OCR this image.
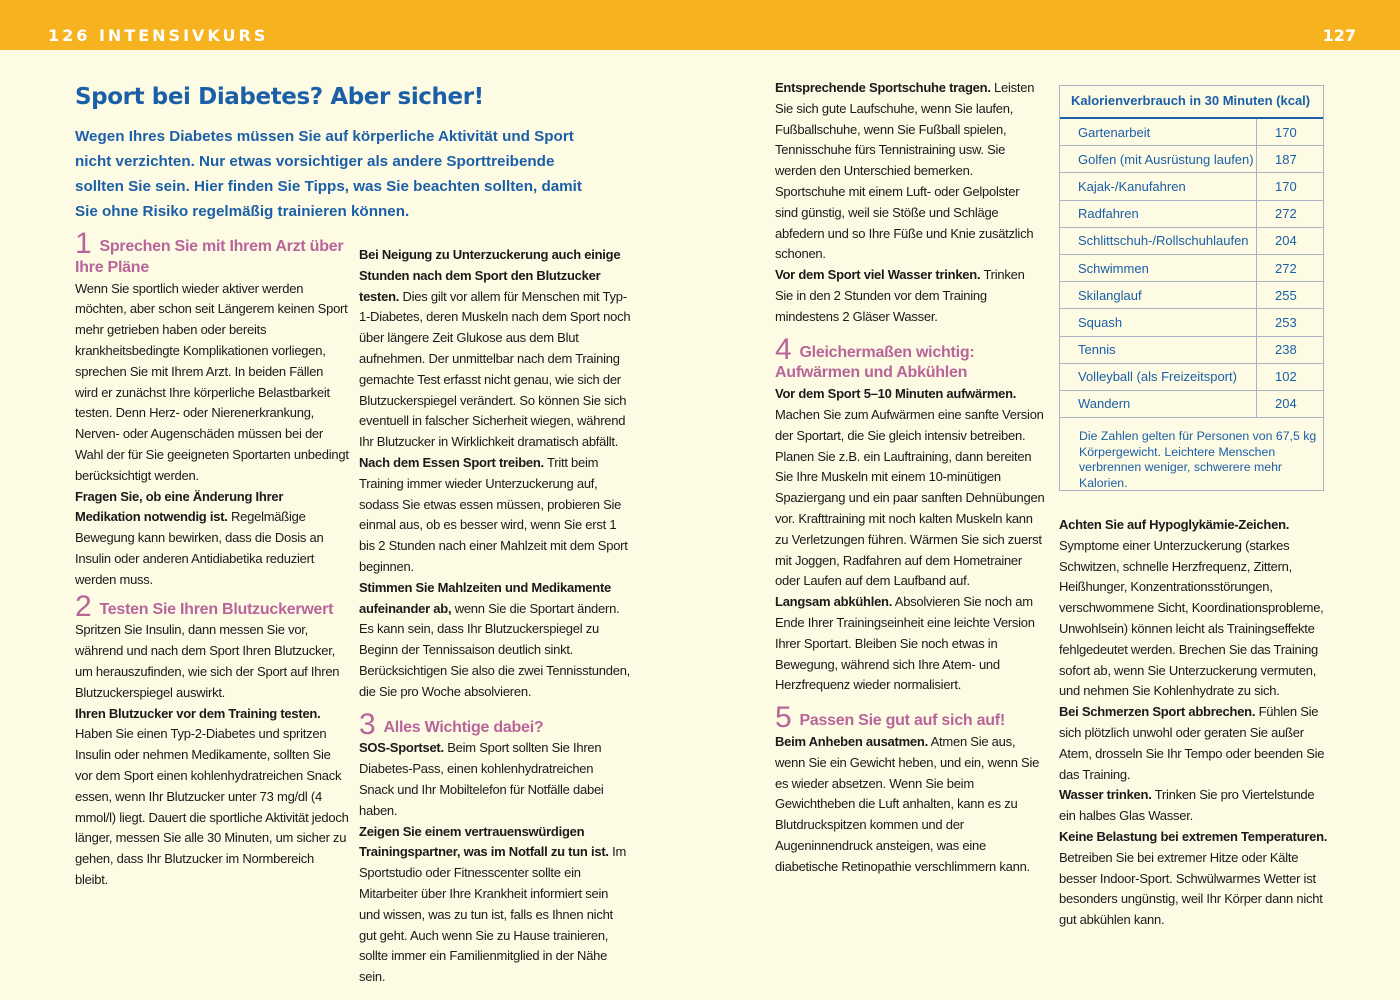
126 INTENSIVKURS	127
Sport bei Diabetes? Aber sicher!

Wegen Ihres Diabetes müssen Sie auf körperliche Aktivität und Sport nicht verzichten. Nur etwas vorsichtiger als andere Sporttreibende sollten Sie sein. Hier finden Sie Tipps, was Sie beachten sollten, damit Sie ohne Risiko regelmäßig trainieren können.

1 Sprechen Sie mit Ihrem Arzt über Ihre Pläne

Wenn Sie sportlich wieder aktiver werden möchten, aber schon seit Längerem keinen Sport mehr getrieben haben oder bereits krankheitsbedingte Komplikationen vorliegen, sprechen Sie mit Ihrem Arzt. In beiden Fällen wird er zunächst Ihre körperliche Belastbarkeit testen. Denn Herz- oder Nierenerkrankung, Nerven- oder Augenschäden müssen bei der Wahl der für Sie geeigneten Sportarten unbedingt berücksichtigt werden.

Fragen Sie, ob eine Änderung Ihrer Medikation notwendig ist. Regelmäßige Bewegung kann bewirken, dass die Dosis an Insulin oder anderen Antidiabetika reduziert werden muss.

2 Testen Sie Ihren Blutzuckerwert

Spritzen Sie Insulin, dann messen Sie vor, während und nach dem Sport Ihren Blutzucker, um herauszufinden, wie sich der Sport auf Ihren Blutzuckerspiegel auswirkt.

Ihren Blutzucker vor dem Training testen. Haben Sie einen Typ-2-Diabetes und spritzen Insulin oder nehmen Medikamente, sollten Sie vor dem Sport einen kohlenhydratreichen Snack essen, wenn Ihr Blutzucker unter 73 mg/dl (4 mmol/l) liegt. Dauert die sportliche Aktivität jedoch länger, messen Sie alle 30 Minuten, um sicher zu gehen, dass Ihr Blutzucker im Normbereich bleibt.

Bei Neigung zu Unterzuckerung auch einige Stunden nach dem Sport den Blutzucker testen. Dies gilt vor allem für Menschen mit Typ-1-Diabetes, deren Muskeln nach dem Sport noch über längere Zeit Glukose aus dem Blut aufnehmen. Der unmittelbar nach dem Training gemachte Test erfasst nicht genau, wie sich der Blutzuckerspiegel verändert. So können Sie sich eventuell in falscher Sicherheit wiegen, während Ihr Blutzucker in Wirklichkeit dramatisch abfällt.

Nach dem Essen Sport treiben. Tritt beim Training immer wieder Unterzuckerung auf, sodass Sie etwas essen müssen, probieren Sie einmal aus, ob es besser wird, wenn Sie erst 1 bis 2 Stunden nach einer Mahlzeit mit dem Sport beginnen.

Stimmen Sie Mahlzeiten und Medikamente aufeinander ab, wenn Sie die Sportart ändern. Es kann sein, dass Ihr Blutzuckerspiegel zu Beginn der Tennissaison deutlich sinkt. Berücksichtigen Sie also die zwei Tennisstunden, die Sie pro Woche absolvieren.

3 Alles Wichtige dabei?

SOS-Sportset. Beim Sport sollten Sie Ihren Diabetes-Pass, einen kohlenhydratreichen Snack und Ihr Mobiltelefon für Notfälle dabei haben.

Zeigen Sie einem vertrauenswürdigen Trainingspartner, was im Notfall zu tun ist. Im Sportstudio oder Fitnesscenter sollte ein Mitarbeiter über Ihre Krankheit informiert sein und wissen, was zu tun ist, falls es Ihnen nicht gut geht. Auch wenn Sie zu Hause trainieren, sollte immer ein Familienmitglied in der Nähe sein.

Entsprechende Sportschuhe tragen. Leisten Sie sich gute Laufschuhe, wenn Sie laufen, Fußballschuhe, wenn Sie Fußball spielen, Tennisschuhe fürs Tennistraining usw. Sie werden den Unterschied bemerken. Sportschuhe mit einem Luft- oder Gelpolster sind günstig, weil sie Stöße und Schläge abfedern und so Ihre Füße und Knie zusätzlich schonen.

Vor dem Sport viel Wasser trinken. Trinken Sie in den 2 Stunden vor dem Training mindestens 2 Gläser Wasser.

4 Gleichermaßen wichtig: Aufwärmen und Abkühlen

Vor dem Sport 5–10 Minuten aufwärmen. Machen Sie zum Aufwärmen eine sanfte Version der Sportart, die Sie gleich intensiv betreiben. Planen Sie z.B. ein Lauftraining, dann bereiten Sie Ihre Muskeln mit einem 10-minütigen Spaziergang und ein paar sanften Dehnübungen vor. Krafttraining mit noch kalten Muskeln kann zu Verletzungen führen. Wärmen Sie sich zuerst mit Joggen, Radfahren auf dem Hometrainer oder Laufen auf dem Laufband auf.

Langsam abkühlen. Absolvieren Sie noch am Ende Ihrer Trainingseinheit eine leichte Version Ihrer Sportart. Bleiben Sie noch etwas in Bewegung, während sich Ihre Atem- und Herzfrequenz wieder normalisiert.

5 Passen Sie gut auf sich auf!

Beim Anheben ausatmen. Atmen Sie aus, wenn Sie ein Gewicht heben, und ein, wenn Sie es wieder absetzen. Wenn Sie beim Gewichtheben die Luft anhalten, kann es zu Blutdruckspitzen kommen und der Augeninnendruck ansteigen, was eine diabetische Retinopathie verschlimmern kann.

Kalorienverbrauch in 30 Minuten (kcal)

Gartenarbeit	170
Golfen (mit Ausrüstung laufen)	187
Kajak-/Kanufahren	170
Radfahren	272
Schlittschuh-/Rollschuhlaufen	204
Schwimmen	272
Skilanglauf	255
Squash	253
Tennis	238
Volleyball (als Freizeitsport)	102
Wandern	204

Die Zahlen gelten für Personen von 67,5 kg Körpergewicht. Leichtere Menschen verbrennen weniger, schwerere mehr Kalorien.

Achten Sie auf Hypoglykämie-Zeichen. Symptome einer Unterzuckerung (starkes Schwitzen, schnelle Herzfrequenz, Zittern, Heißhunger, Konzentrationsstörungen, verschwommene Sicht, Koordinationsprobleme, Unwohlsein) können leicht als Trainingseffekte fehlgedeutet werden. Brechen Sie das Training sofort ab, wenn Sie Unterzuckerung vermuten, und nehmen Sie Kohlenhydrate zu sich.

Bei Schmerzen Sport abbrechen. Fühlen Sie sich plötzlich unwohl oder geraten Sie außer Atem, drosseln Sie Ihr Tempo oder beenden Sie das Training.

Wasser trinken. Trinken Sie pro Viertelstunde ein halbes Glas Wasser.

Keine Belastung bei extremen Temperaturen. Betreiben Sie bei extremer Hitze oder Kälte besser Indoor-Sport. Schwülwarmes Wetter ist besonders ungünstig, weil Ihr Körper dann nicht gut abkühlen kann.
